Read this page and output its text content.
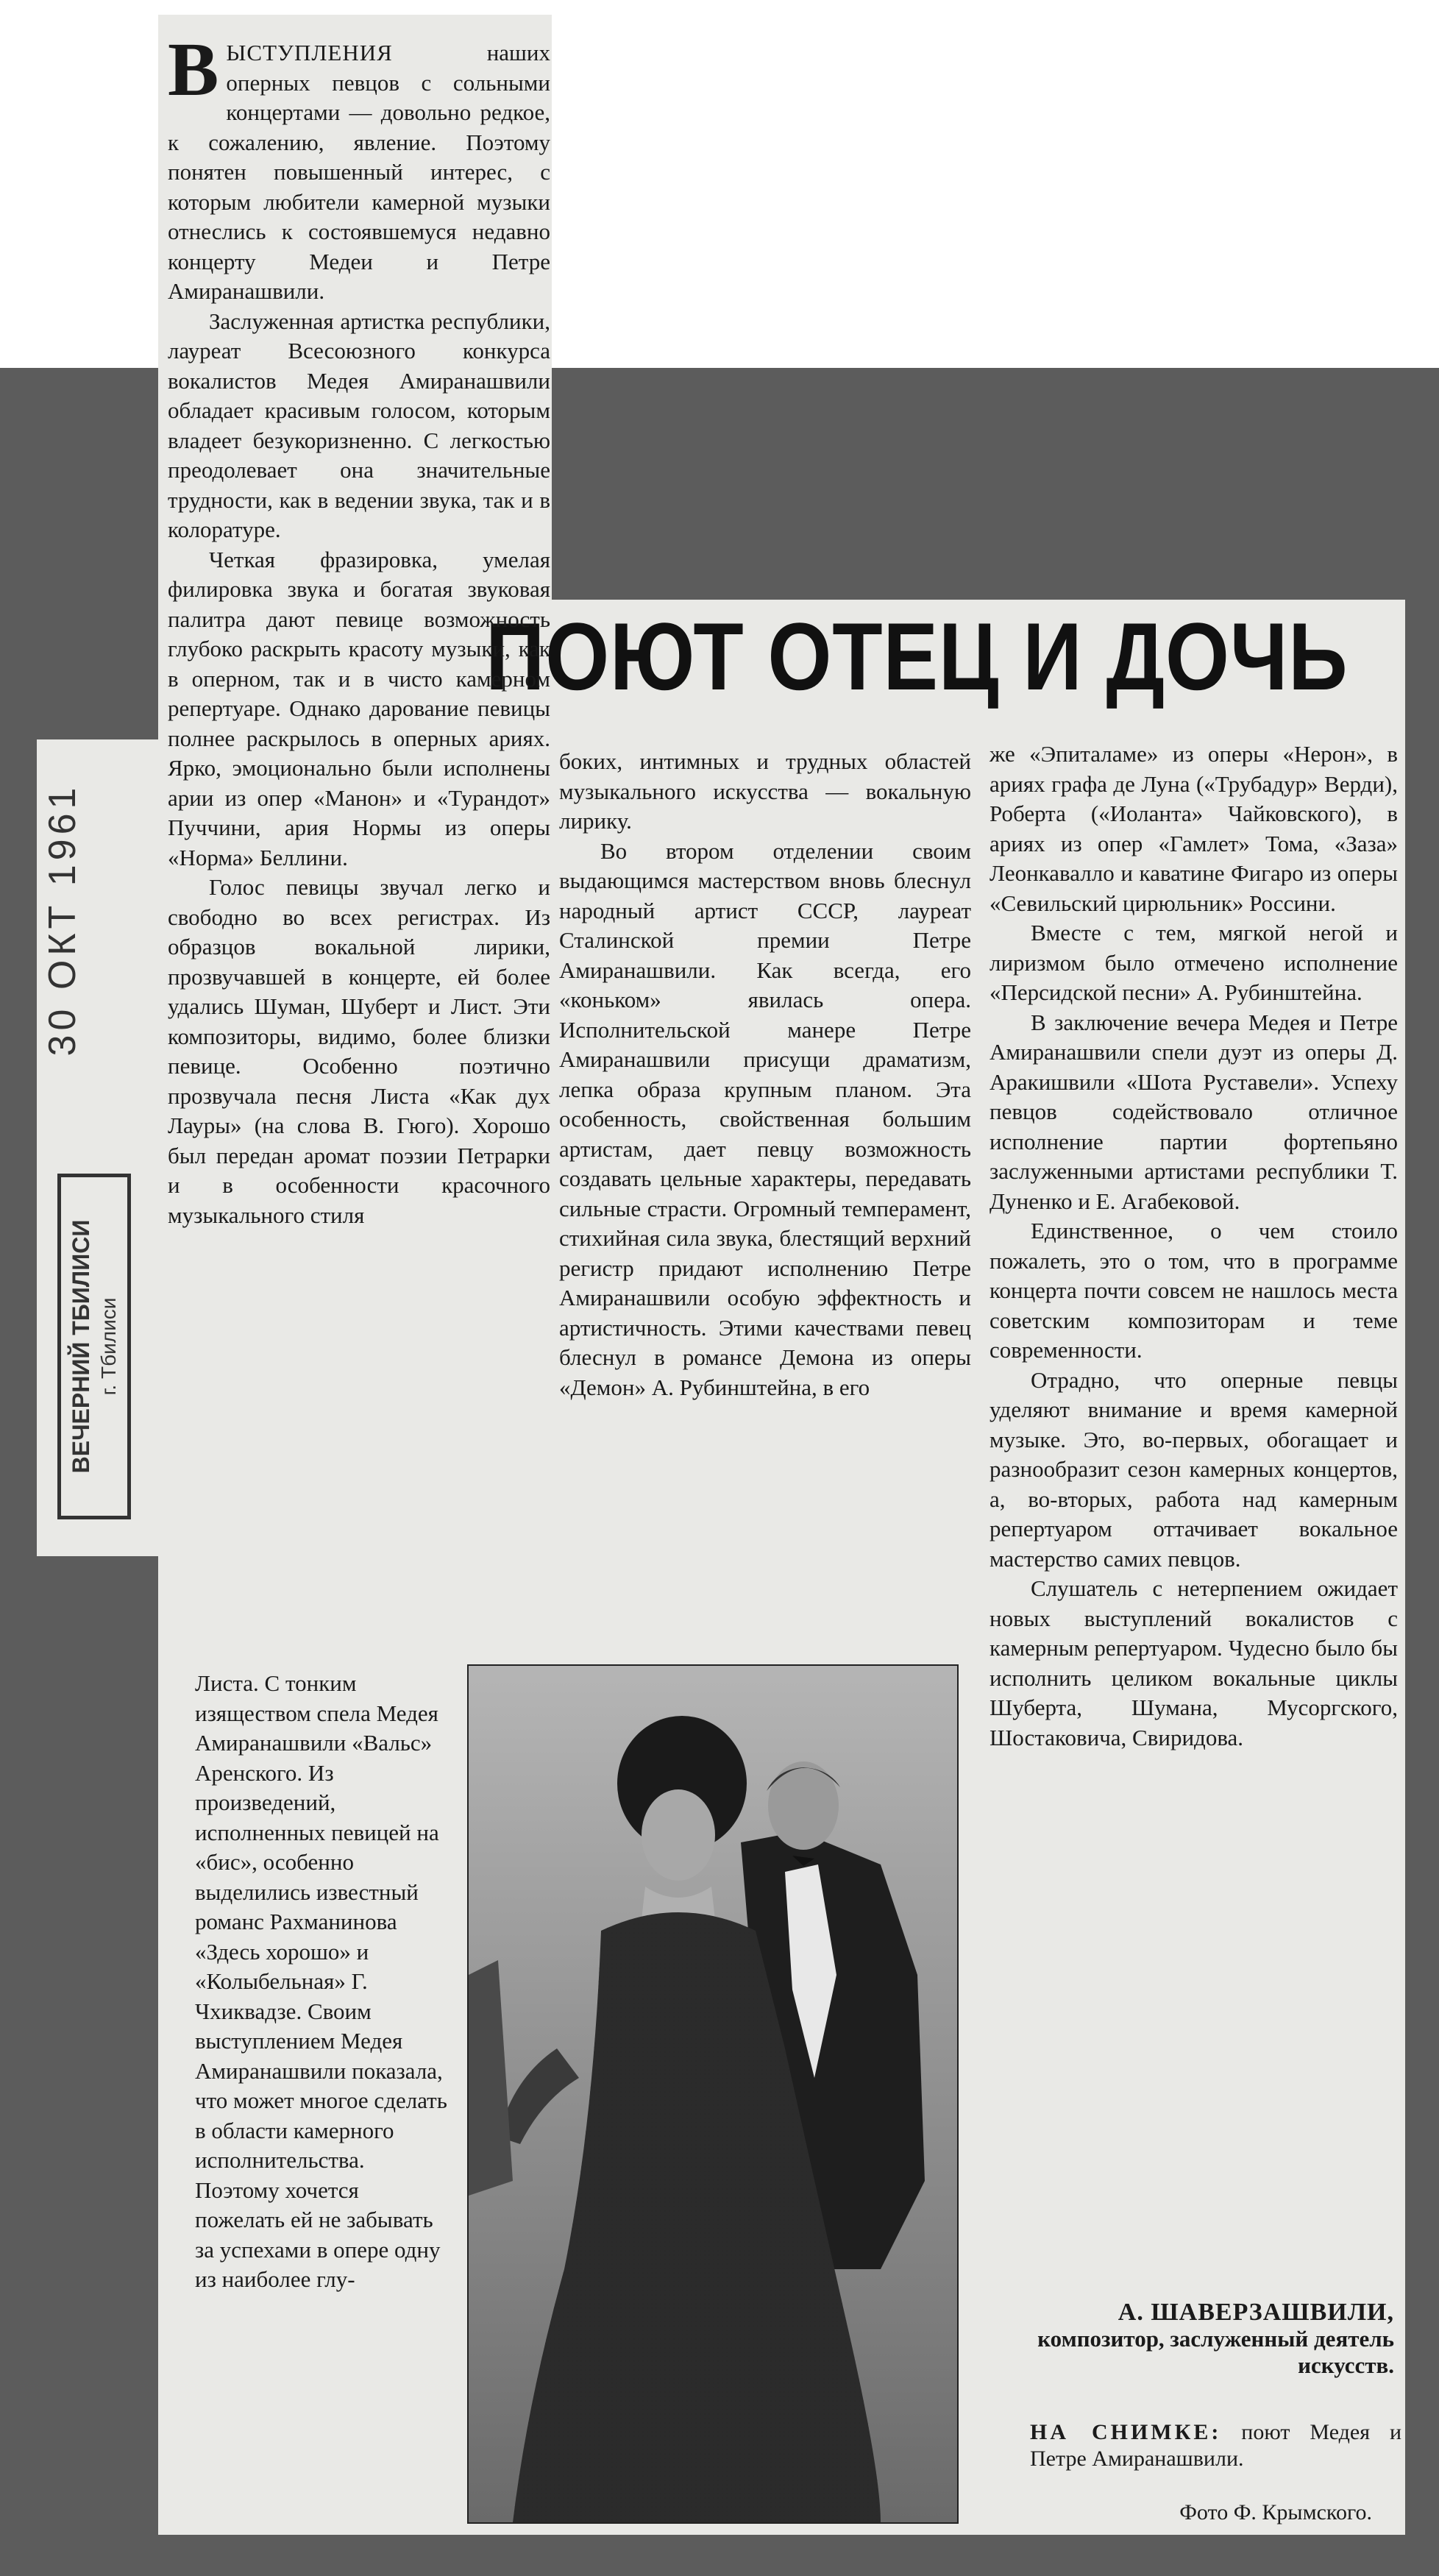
30 ОКТ 1961
ВЕЧЕРНИЙ ТБИЛИСИ г. Тбилиси
ПОЮТ ОТЕЦ И ДОЧЬ

ВЫСТУПЛЕНИЯ наших оперных певцов с сольными концертами — довольно редкое, к сожалению, явление. Поэтому понятен повышенный интерес, с которым любители камерной музыки отнеслись к состоявшемуся недавно концерту Медеи и Петре Амиранашвили.

Заслуженная артистка республики, лауреат Всесоюзного конкурса вокалистов Медея Амиранашвили обладает красивым голосом, которым владеет безукоризненно. С легкостью преодолевает она значительные трудности, как в ведении звука, так и в колоратуре.

Четкая фразировка, умелая филировка звука и богатая звуковая палитра дают певице возможность глубоко раскрыть красоту музыки, как в оперном, так и в чисто камерном репертуаре. Однако дарование певицы полнее раскрылось в оперных ариях. Ярко, эмоционально были исполнены арии из опер «Манон» и «Турандот» Пуччини, ария Нормы из оперы «Норма» Беллини.

Голос певицы звучал легко и свободно во всех регистрах. Из образцов вокальной лирики, прозвучавшей в концерте, ей более удались Шуман, Шуберт и Лист. Эти композиторы, видимо, более близки певице. Особенно поэтично прозвучала песня Листа «Как дух Лауры» (на слова В. Гюго). Хорошо был передан аромат поэзии Петрарки и в особенности красочного музыкального стиля

Листа. С тонким изяществом спела Медея Амиранашвили «Вальс» Аренского. Из произведений, исполненных певицей на «бис», особенно выделились известный романс Рахманинова «Здесь хорошо» и «Колыбельная» Г. Чхиквадзе. Своим выступлением Медея Амиранашвили показала, что может многое сделать в области камерного исполнительства. Поэтому хочется пожелать ей не забывать за успехами в опере одну из наиболее глу-

боких, интимных и трудных областей музыкального искусства — вокальную лирику.

Во втором отделении своим выдающимся мастерством вновь блеснул народный артист СССР, лауреат Сталинской премии Петре Амиранашвили. Как всегда, его «коньком» явилась опера. Исполнительской манере Петре Амиранашвили присущи драматизм, лепка образа крупным планом. Эта особенность, свойственная большим артистам, дает певцу возможность создавать цельные характеры, передавать сильные страсти. Огромный темперамент, стихийная сила звука, блестящий верхний регистр придают исполнению Петре Амиранашвили особую эффектность и артистичность. Этими качествами певец блеснул в романсе Демона из оперы «Демон» А. Рубинштейна, в его

же «Эпиталаме» из оперы «Нерон», в ариях графа де Луна («Трубадур» Верди), Роберта («Иоланта» Чайковского), в ариях из опер «Гамлет» Тома, «Заза» Леонкавалло и каватине Фигаро из оперы «Севильский цирюльник» Россини.

Вместе с тем, мягкой негой и лиризмом было отмечено исполнение «Персидской песни» А. Рубинштейна.

В заключение вечера Медея и Петре Амиранашвили спели дуэт из оперы Д. Аракишвили «Шота Руставели». Успеху певцов содействовало отличное исполнение партии фортепьяно заслуженными артистами республики Т. Дуненко и Е. Агабековой.

Единственное, о чем стоило пожалеть, это о том, что в программе концерта почти совсем не нашлось места советским композиторам и теме современности.

Отрадно, что оперные певцы уделяют внимание и время камерной музыке. Это, во-первых, обогащает и разнообразит сезон камерных концертов, а, во-вторых, работа над камерным репертуаром оттачивает вокальное мастерство самих певцов.

Слушатель с нетерпением ожидает новых выступлений вокалистов с камерным репертуаром. Чудесно было бы исполнить целиком вокальные циклы Шуберта, Шумана, Мусоргского, Шостаковича, Свиридова.

А. ШАВЕРЗАШВИЛИ,
композитор, заслуженный деятель искусств.
НА СНИМКЕ: поют Медея и Петре Амиранашвили.
Фото Ф. Крымского.
